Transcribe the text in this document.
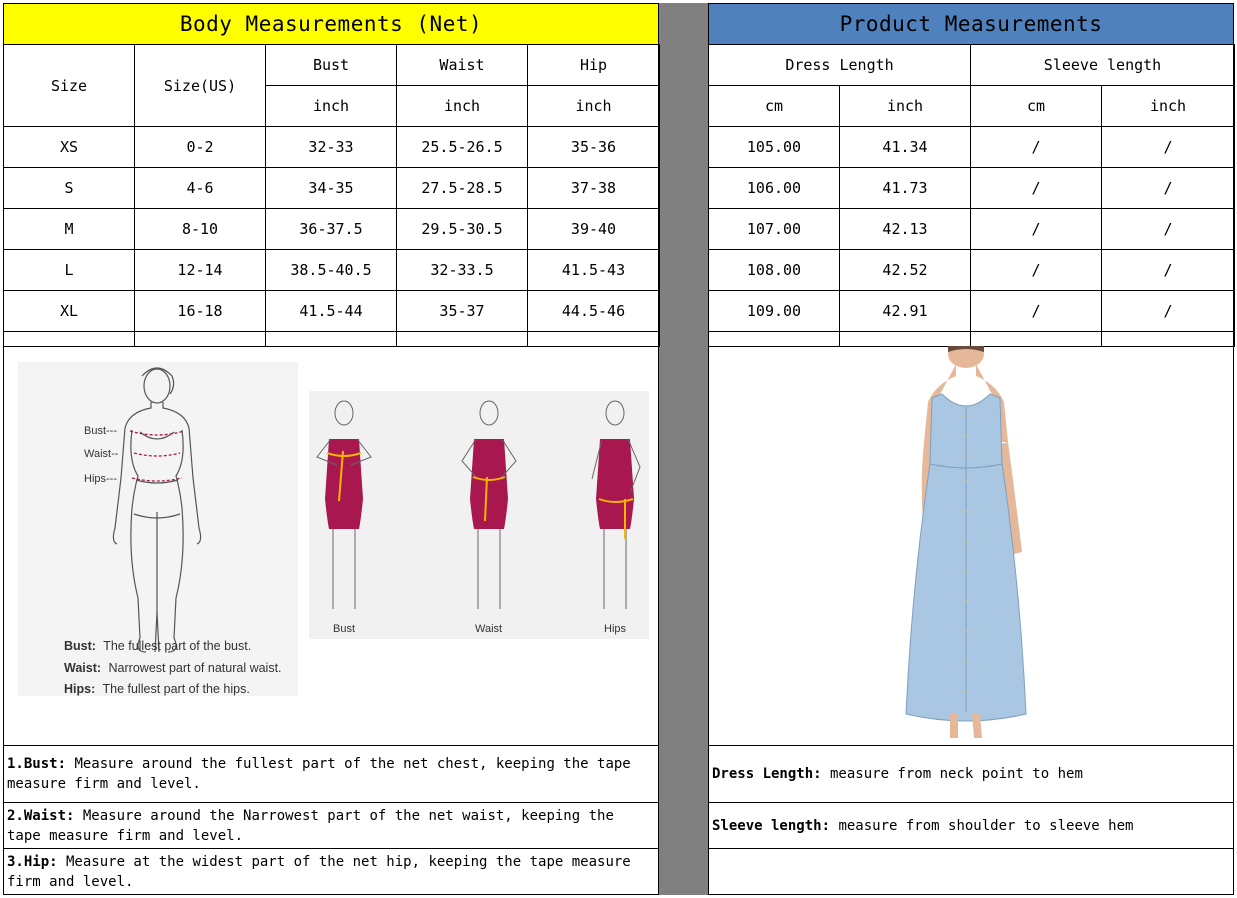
Body Measurements (Net)	Product Measurements
Size	Size(US)	Bust	Waist	Hip
		inch	inch	inch
XS	0-2	32-33	25.5-26.5	35-36
S	4-6	34-35	27.5-28.5	37-38
M	8-10	36-37.5	29.5-30.5	39-40
L	12-14	38.5-40.5	32-33.5	41.5-43
XL	16-18	41.5-44	35-37	44.5-46

Dress Length		Sleeve length	
cm	inch	cm	inch
105.00	41.34	/	/
106.00	41.73	/	/
107.00	42.13	/	/
108.00	42.52	/	/
109.00	42.91	/	/

Bust---
Waist--
Hips---
Bust: The fullest part of the bust.
Waist: Narrowest part of natural waist.
Hips: The fullest part of the hips.
Bust	Waist	Hips
1.Bust: Measure around the fullest part of the net chest, keeping the tape measure firm and level.
2.Waist: Measure around the Narrowest part of the net waist, keeping the tape measure firm and level.
3.Hip: Measure at the widest part of the net hip, keeping the tape measure firm and level.
Dress Length: measure from neck point to hem
Sleeve length: measure from shoulder to sleeve hem
